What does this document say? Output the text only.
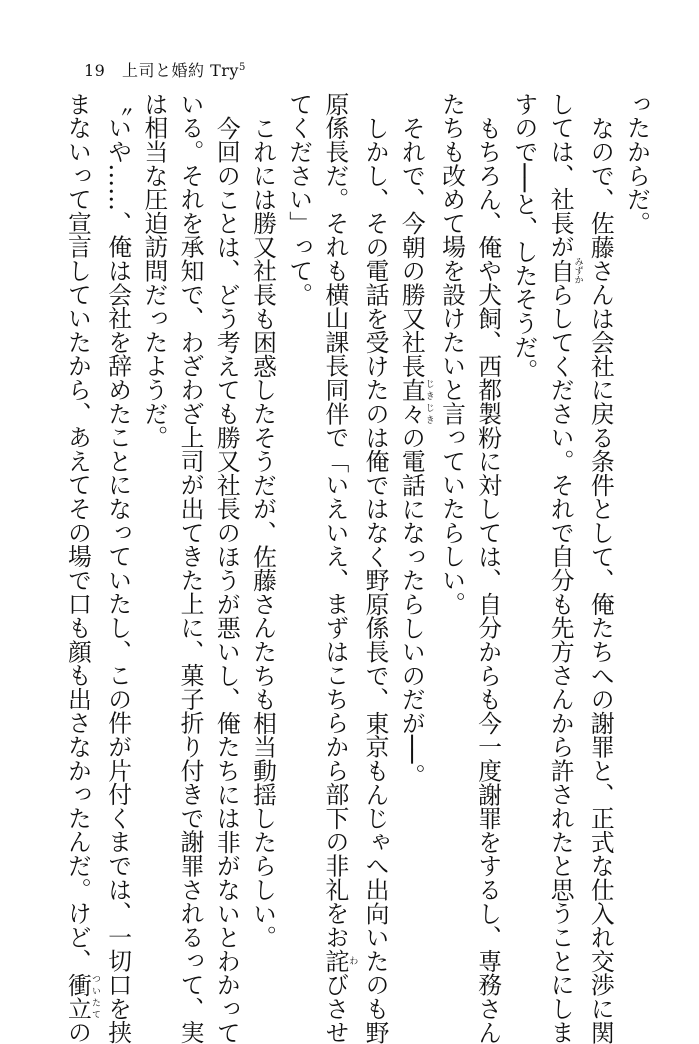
19 上司と婚約 Try$^5$
ったからだ。
なので、佐藤さんは会社に戻る条件として、俺たちへの謝罪と、正式な仕入れ交渉に関
しては、社長が自みずからしてください。それで自分も先方さんから許されたと思うことにしま
すので──と、したそうだ。
もちろん、俺や犬飼、西都製粉に対しては、自分からも今一度謝罪をするし、専務さん
たちも改めて場を設けたいと言っていたらしい。
それで、今朝の勝又社長直々じきじきの電話になったらしいのだが──。
しかし、その電話を受けたのは俺ではなく野原係長で、東京もんじゃへ出向いたのも野
原係長だ。それも横山課長同伴で「いえいえ、まずはこちらから部下の非礼をお詫わびさせ
てください」って。
これには勝又社長も困惑したそうだが、佐藤さんたちも相当動揺したらしい。
今回のことは、どう考えても勝又社長のほうが悪いし、俺たちには非がないとわかって
いる。それを承知で、わざわざ上司が出てきた上に、菓子折り付きで謝罪されるって、実
は相当な圧迫訪問だったようだ。
〝いや……、俺は会社を辞めたことになっていたし、この件が片付くまでは、一切口を挟
まないって宣言していたから、あえてその場で口も顔も出さなかったんだ。けど、衝立ついたての
